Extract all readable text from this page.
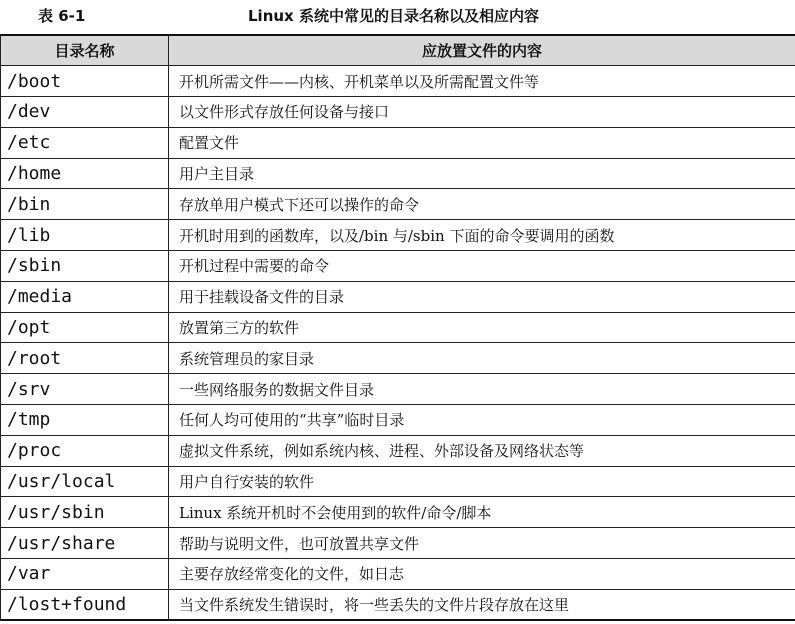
表 6-1	Linux 系统中常见的目录名称以及相应内容
目录名称	应放置文件的内容
/boot	开机所需文件——内核、开机菜单以及所需配置文件等
/dev	以文件形式存放任何设备与接口
/etc	配置文件
/home	用户主目录
/bin	存放单用户模式下还可以操作的命令
/lib	开机时用到的函数库，以及/bin 与/sbin 下面的命令要调用的函数
/sbin	开机过程中需要的命令
/media	用于挂载设备文件的目录
/opt	放置第三方的软件
/root	系统管理员的家目录
/srv	一些网络服务的数据文件目录
/tmp	任何人均可使用的“共享”临时目录
/proc	虚拟文件系统，例如系统内核、进程、外部设备及网络状态等
/usr/local	用户自行安装的软件
/usr/sbin	Linux 系统开机时不会使用到的软件/命令/脚本
/usr/share	帮助与说明文件，也可放置共享文件
/var	主要存放经常变化的文件，如日志
/lost+found	当文件系统发生错误时，将一些丢失的文件片段存放在这里
